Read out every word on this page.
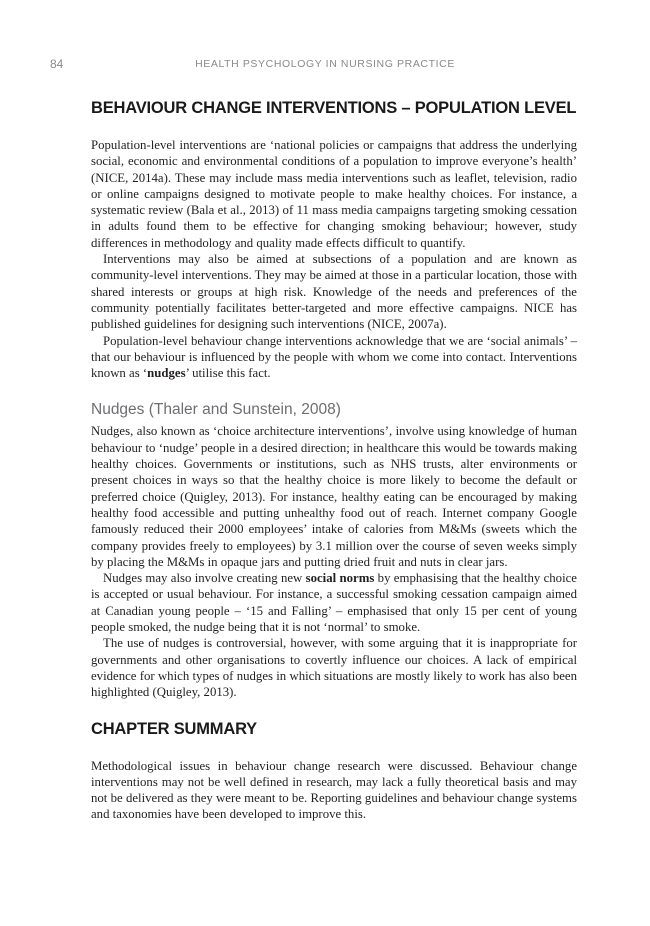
84	HEALTH PSYCHOLOGY IN NURSING PRACTICE
BEHAVIOUR CHANGE INTERVENTIONS – POPULATION LEVEL

Population-level interventions are ‘national policies or campaigns that address the underlying social, economic and environmental conditions of a population to improve everyone’s health’ (NICE, 2014a). These may include mass media interventions such as leaflet, television, radio or online campaigns designed to motivate people to make healthy choices. For instance, a systematic review (Bala et al., 2013) of 11 mass media campaigns targeting smoking cessation in adults found them to be effective for changing smoking behaviour; however, study differences in methodology and quality made effects difficult to quantify.

Interventions may also be aimed at subsections of a population and are known as community-level interventions. They may be aimed at those in a particular location, those with shared interests or groups at high risk. Knowledge of the needs and preferences of the community potentially facilitates better-targeted and more effective campaigns. NICE has published guidelines for designing such interventions (NICE, 2007a).

Population-level behaviour change interventions acknowledge that we are ‘social animals’ – that our behaviour is influenced by the people with whom we come into contact. Interventions known as ‘nudges’ utilise this fact.

Nudges (Thaler and Sunstein, 2008)

Nudges, also known as ‘choice architecture interventions’, involve using knowledge of human behaviour to ‘nudge’ people in a desired direction; in healthcare this would be towards making healthy choices. Governments or institutions, such as NHS trusts, alter environments or present choices in ways so that the healthy choice is more likely to become the default or preferred choice (Quigley, 2013). For instance, healthy eating can be encouraged by making healthy food accessible and putting unhealthy food out of reach. Internet company Google famously reduced their 2000 employees’ intake of calories from M&Ms (sweets which the company provides freely to employees) by 3.1 million over the course of seven weeks simply by placing the M&Ms in opaque jars and putting dried fruit and nuts in clear jars.

Nudges may also involve creating new social norms by emphasising that the healthy choice is accepted or usual behaviour. For instance, a successful smoking cessation campaign aimed at Canadian young people – ‘15 and Falling’ – emphasised that only 15 per cent of young people smoked, the nudge being that it is not ‘normal’ to smoke.

The use of nudges is controversial, however, with some arguing that it is inappropriate for governments and other organisations to covertly influence our choices. A lack of empirical evidence for which types of nudges in which situations are mostly likely to work has also been highlighted (Quigley, 2013).

CHAPTER SUMMARY

Methodological issues in behaviour change research were discussed. Behaviour change interventions may not be well defined in research, may lack a fully theoretical basis and may not be delivered as they were meant to be. Reporting guidelines and behaviour change systems and taxonomies have been developed to improve this.
